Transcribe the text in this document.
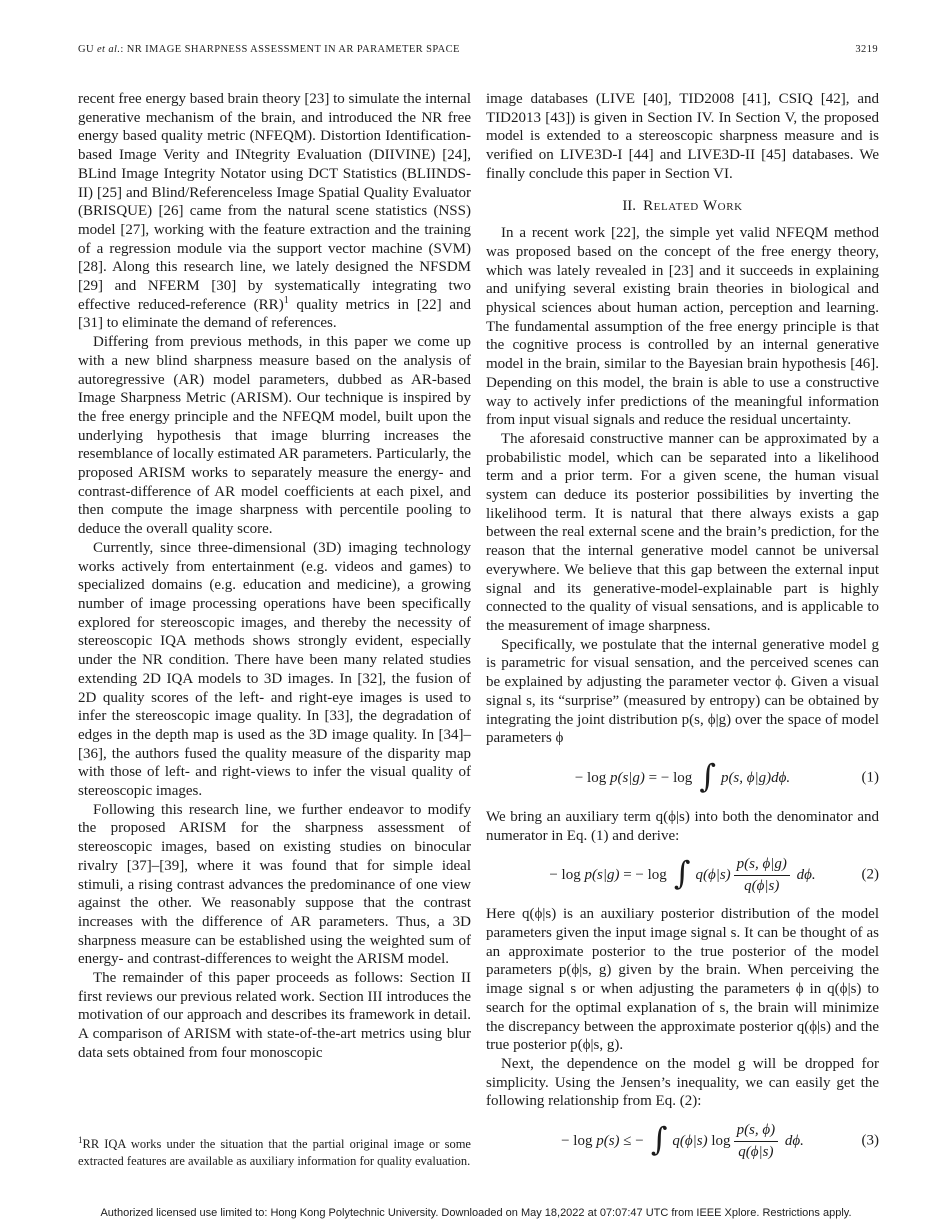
GU et al.: NR IMAGE SHARPNESS ASSESSMENT IN AR PARAMETER SPACE	3219

recent free energy based brain theory [23] to simulate the internal generative mechanism of the brain, and introduced the NR free energy based quality metric (NFEQM). Distortion Identification-based Image Verity and INtegrity Evaluation (DIIVINE) [24], BLind Image Integrity Notator using DCT Statistics (BLIINDS-II) [25] and Blind/Referenceless Image Spatial Quality Evaluator (BRISQUE) [26] came from the natural scene statistics (NSS) model [27], working with the feature extraction and the training of a regression module via the support vector machine (SVM) [28]. Along this research line, we lately designed the NFSDM [29] and NFERM [30] by systematically integrating two effective reduced-reference (RR)$^1$ quality metrics in [22] and [31] to eliminate the demand of references.

Differing from previous methods, in this paper we come up with a new blind sharpness measure based on the analysis of autoregressive (AR) model parameters, dubbed as AR-based Image Sharpness Metric (ARISM). Our technique is inspired by the free energy principle and the NFEQM model, built upon the underlying hypothesis that image blurring increases the resemblance of locally estimated AR parameters. Particularly, the proposed ARISM works to separately measure the energy- and contrast-difference of AR model coefficients at each pixel, and then compute the image sharpness with percentile pooling to deduce the overall quality score.

Currently, since three-dimensional (3D) imaging technology works actively from entertainment (e.g. videos and games) to specialized domains (e.g. education and medicine), a growing number of image processing operations have been specifically explored for stereoscopic images, and thereby the necessity of stereoscopic IQA methods shows strongly evident, especially under the NR condition. There have been many related studies extending 2D IQA models to 3D images. In [32], the fusion of 2D quality scores of the left- and right-eye images is used to infer the stereoscopic image quality. In [33], the degradation of edges in the depth map is used as the 3D image quality. In [34]–[36], the authors fused the quality measure of the disparity map with those of left- and right-views to infer the visual quality of stereoscopic images.

Following this research line, we further endeavor to modify the proposed ARISM for the sharpness assessment of stereoscopic images, based on existing studies on binocular rivalry [37]–[39], where it was found that for simple ideal stimuli, a rising contrast advances the predominance of one view against the other. We reasonably suppose that the contrast increases with the difference of AR parameters. Thus, a 3D sharpness measure can be established using the weighted sum of energy- and contrast-differences to weight the ARISM model.

The remainder of this paper proceeds as follows: Section II first reviews our previous related work. Section III introduces the motivation of our approach and describes its framework in detail. A comparison of ARISM with state-of-the-art metrics using blur data sets obtained from four monoscopic

image databases (LIVE [40], TID2008 [41], CSIQ [42], and TID2013 [43]) is given in Section IV. In Section V, the proposed model is extended to a stereoscopic sharpness measure and is verified on LIVE3D-I [44] and LIVE3D-II [45] databases. We finally conclude this paper in Section VI.

II. Related Work

In a recent work [22], the simple yet valid NFEQM method was proposed based on the concept of the free energy theory, which was lately revealed in [23] and it succeeds in explaining and unifying several existing brain theories in biological and physical sciences about human action, perception and learning. The fundamental assumption of the free energy principle is that the cognitive process is controlled by an internal generative model in the brain, similar to the Bayesian brain hypothesis [46]. Depending on this model, the brain is able to use a constructive way to actively infer predictions of the meaningful information from input visual signals and reduce the residual uncertainty.

The aforesaid constructive manner can be approximated by a probabilistic model, which can be separated into a likelihood term and a prior term. For a given scene, the human visual system can deduce its posterior possibilities by inverting the likelihood term. It is natural that there always exists a gap between the real external scene and the brain’s prediction, for the reason that the internal generative model cannot be universal everywhere. We believe that this gap between the external input signal and its generative-model-explainable part is highly connected to the quality of visual sensations, and is applicable to the measurement of image sharpness.

Specifically, we postulate that the internal generative model g is parametric for visual sensation, and the perceived scenes can be explained by adjusting the parameter vector ϕ. Given a visual signal s, its “surprise” (measured by entropy) can be obtained by integrating the joint distribution p(s, ϕ|g) over the space of model parameters ϕ

− log p(s|g) = − log ∫ p(s, ϕ|g)dϕ.	(1)

We bring an auxiliary term q(ϕ|s) into both the denominator and numerator in Eq. (1) and derive:

− log p(s|g) = − log ∫ $q(\phi|s) \frac{p(s, \phi|g)}{q(\phi|s)} d\phi$.	(2)

Here q(ϕ|s) is an auxiliary posterior distribution of the model parameters given the input image signal s. It can be thought of as an approximate posterior to the true posterior of the model parameters p(ϕ|s, g) given by the brain. When perceiving the image signal s or when adjusting the parameters ϕ in q(ϕ|s) to search for the optimal explanation of s, the brain will minimize the discrepancy between the approximate posterior q(ϕ|s) and the true posterior p(ϕ|s, g).

Next, the dependence on the model g will be dropped for simplicity. Using the Jensen’s inequality, we can easily get the following relationship from Eq. (2):

− log p(s) ≤ − ∫ q(ϕ|s) $\log \frac{p(s, \phi)}{q(\phi|s)} d\phi$.	(3)
$^1$RR IQA works under the situation that the partial original image or some extracted features are available as auxiliary information for quality evaluation.
Authorized licensed use limited to: Hong Kong Polytechnic University. Downloaded on May 18,2022 at 07:07:47 UTC from IEEE Xplore. Restrictions apply.
